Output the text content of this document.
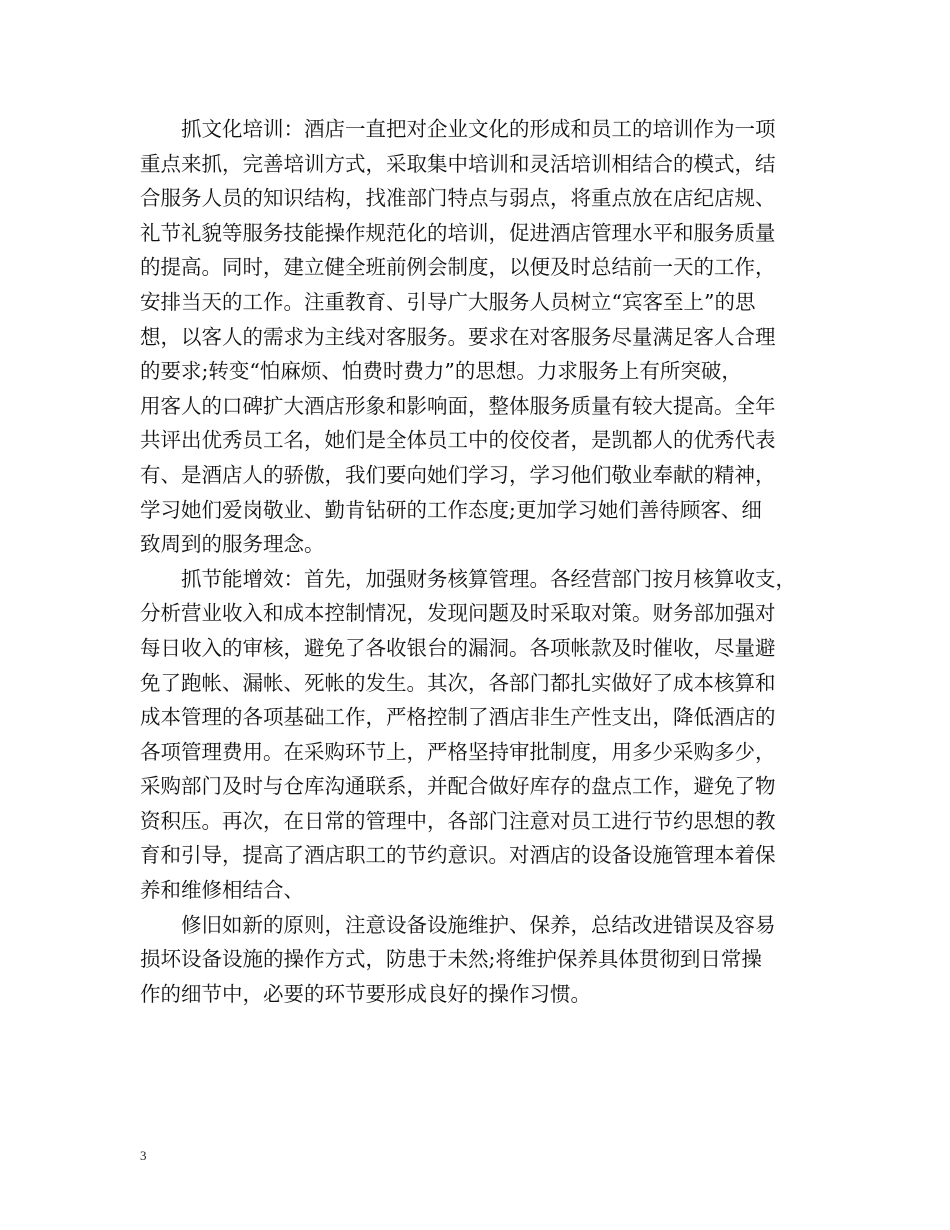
抓文化培训：酒店一直把对企业文化的形成和员工的培训作为一项
重点来抓，完善培训方式，采取集中培训和灵活培训相结合的模式，结
合服务人员的知识结构，找准部门特点与弱点，将重点放在店纪店规、
礼节礼貌等服务技能操作规范化的培训，促进酒店管理水平和服务质量
的提高。同时，建立健全班前例会制度，以便及时总结前一天的工作，
安排当天的工作。注重教育、引导广大服务人员树立“宾客至上”的思
想，以客人的需求为主线对客服务。要求在对客服务尽量满足客人合理
的要求;转变“怕麻烦、怕费时费力”的思想。力求服务上有所突破，
用客人的口碑扩大酒店形象和影响面，整体服务质量有较大提高。全年
共评出优秀员工名，她们是全体员工中的佼佼者，是凯都人的优秀代表
有、是酒店人的骄傲，我们要向她们学习，学习他们敬业奉献的精神，
学习她们爱岗敬业、勤肯钻研的工作态度;更加学习她们善待顾客、细
致周到的服务理念。
抓节能增效：首先，加强财务核算管理。各经营部门按月核算收支，
分析营业收入和成本控制情况，发现问题及时采取对策。财务部加强对
每日收入的审核，避免了各收银台的漏洞。各项帐款及时催收，尽量避
免了跑帐、漏帐、死帐的发生。其次，各部门都扎实做好了成本核算和
成本管理的各项基础工作，严格控制了酒店非生产性支出，降低酒店的
各项管理费用。在采购环节上，严格坚持审批制度，用多少采购多少，
采购部门及时与仓库沟通联系，并配合做好库存的盘点工作，避免了物
资积压。再次，在日常的管理中，各部门注意对员工进行节约思想的教
育和引导，提高了酒店职工的节约意识。对酒店的设备设施管理本着保
养和维修相结合、
修旧如新的原则，注意设备设施维护、保养，总结改进错误及容易
损坏设备设施的操作方式，防患于未然;将维护保养具体贯彻到日常操
作的细节中，必要的环节要形成良好的操作习惯。
3
